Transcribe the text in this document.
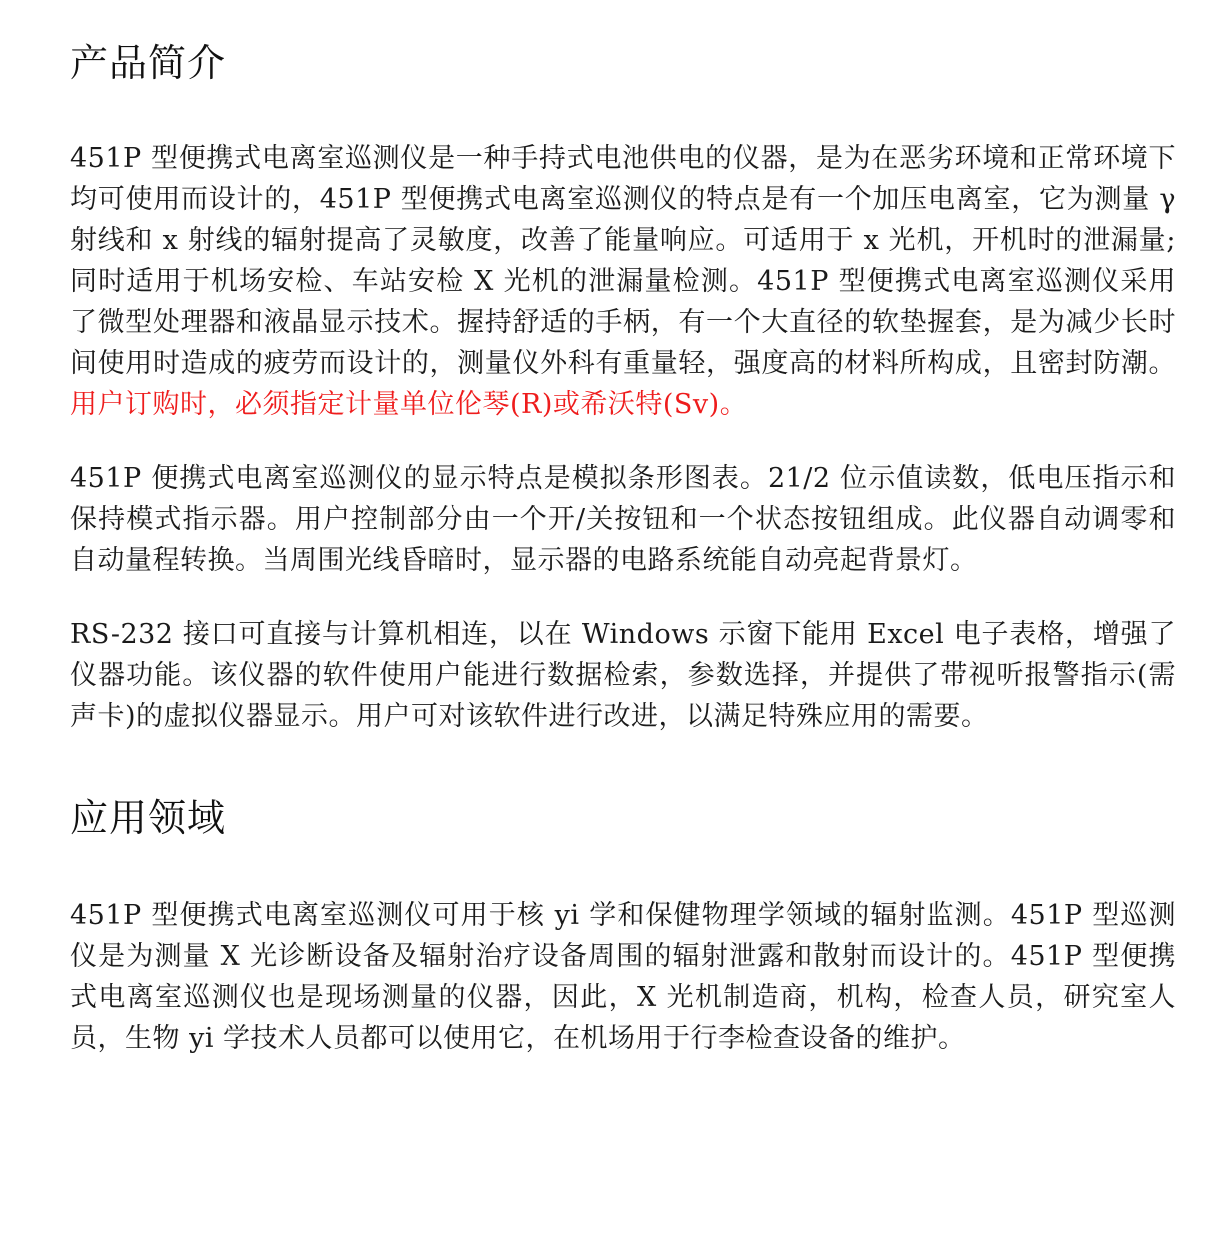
产品简介

451P 型便携式电离室巡测仪是一种手持式电池供电的仪器，是为在恶劣环境和正常环境下均可使用而设计的，451P 型便携式电离室巡测仪的特点是有一个加压电离室，它为测量 γ 射线和 x 射线的辐射提高了灵敏度，改善了能量响应。可适用于 x 光机，开机时的泄漏量;同时适用于机场安检、车站安检 X 光机的泄漏量检测。451P 型便携式电离室巡测仪采用了微型处理器和液晶显示技术。握持舒适的手柄，有一个大直径的软垫握套，是为减少长时间使用时造成的疲劳而设计的，测量仪外科有重量轻，强度高的材料所构成，且密封防潮。用户订购时，必须指定计量单位伦琴(R)或希沃特(Sv)。

451P 便携式电离室巡测仪的显示特点是模拟条形图表。21/2 位示值读数，低电压指示和保持模式指示器。用户控制部分由一个开/关按钮和一个状态按钮组成。此仪器自动调零和自动量程转换。当周围光线昏暗时，显示器的电路系统能自动亮起背景灯。

RS-232 接口可直接与计算机相连，以在 Windows 示窗下能用 Excel 电子表格，增强了仪器功能。该仪器的软件使用户能进行数据检索，参数选择，并提供了带视听报警指示(需声卡)的虚拟仪器显示。用户可对该软件进行改进，以满足特殊应用的需要。

应用领域

451P 型便携式电离室巡测仪可用于核 yi 学和保健物理学领域的辐射监测。451P 型巡测仪是为测量 X 光诊断设备及辐射治疗设备周围的辐射泄露和散射而设计的。451P 型便携式电离室巡测仪也是现场测量的仪器，因此，X 光机制造商，机构，检查人员，研究室人员，生物 yi 学技术人员都可以使用它，在机场用于行李检查设备的维护。
